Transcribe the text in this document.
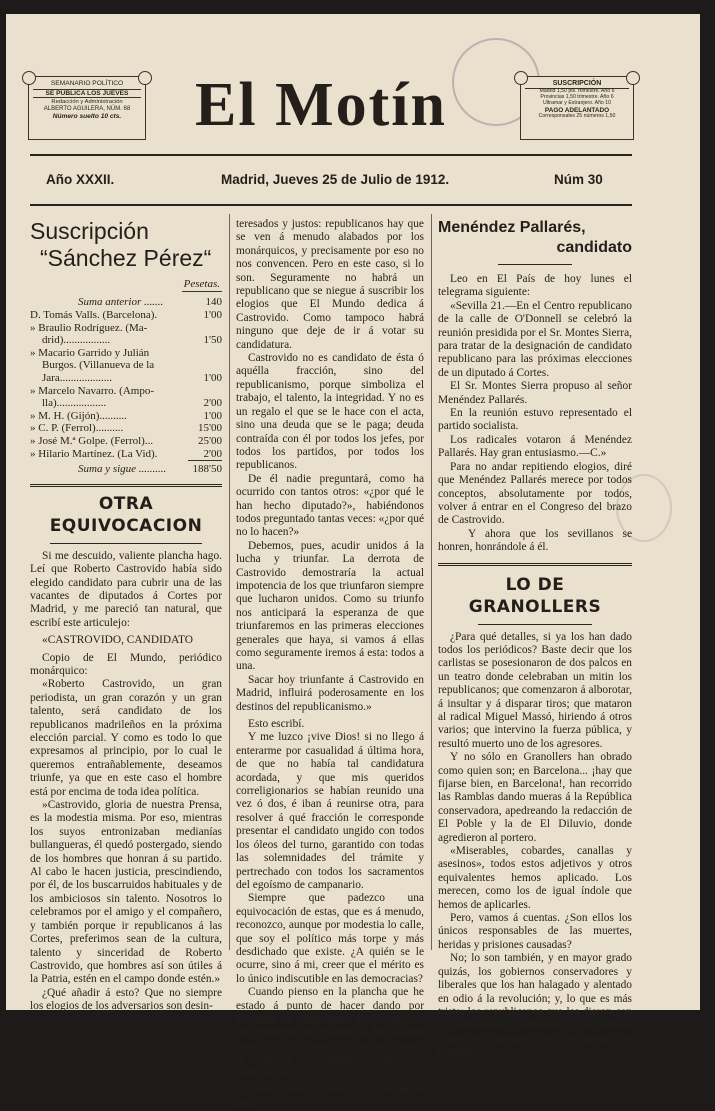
SEMANARIO POLÍTICO
SE PUBLICA LOS JUEVES
Redacción y Administración
ALBERTO AGUILERA, NÚM. 68
Número suelto 10 cts.	El Motín	SUSCRIPCIÓN
Madrid 1,50 pts. trimestre. Año 6
Provincias 1,50 trimestre. Año 6
Ultramar y Extranjero. Año 10
PAGO ADELANTADO
Corresponsales 25 números 1,50
Año XXXII.	Madrid, Jueves 25 de Julio de 1912.	Núm 30
Suscripción
“Sánchez Pérez“
Pesetas.
Suma anterior .......	140
D. Tomás Valls. (Barcelona).	1'00
» Braulio Rodríguez. (Ma-
drid).................	1'50
» Macario Garrido y Julián
Burgos. (Villanueva de la
Jara...................	1'00
» Marcelo Navarro. (Ampo-
lla)..................	2'00
» M. H. (Gijón)..........	1'00
» C. P. (Ferrol)..........	15'00
» José M.ª Golpe. (Ferrol)...	25'00
» Hilario Martínez. (La Vid).	2'00
Suma y sigue ..........	188'50
OTRA EQUIVOCACION

Si me descuido, valiente plancha hago. Leí que Roberto Castrovido había sido elegido candidato para cubrir una de las vacantes de diputados á Cortes por Madrid, y me pareció tan natural, que escribí este articulejo:

«CASTROVIDO, CANDIDATO

Copio de El Mundo, periódico monárquico:

«Roberto Castrovido, un gran periodista, un gran corazón y un gran talento, será candidato de los republicanos madrileños en la próxima elección parcial. Y como es todo lo que expresamos al principio, por lo cual le queremos entrañablemente, deseamos triunfe, ya que en este caso el hombre está por encima de toda idea política.

»Castrovido, gloria de nuestra Prensa, es la modestia misma. Por eso, mientras los suyos entronizaban medianías bullangueras, él quedó postergado, siendo de los hombres que honran á su partido. Al cabo le hacen justicia, prescindiendo, por él, de los buscarruidos habituales y de los ambiciosos sin talento. Nosotros lo celebramos por el amigo y el compañero, y también porque ir republicanos á las Cortes, preferimos sean de la cultura, talento y sinceridad de Roberto Castrovido, que hombres así son útiles á la Patria, estén en el campo donde estén.»

¿Qué añadir á esto? Que no siempre los elogios de los adversarios son desin-

teresados y justos: republicanos hay que se ven á menudo alabados por los monárquicos, y precisamente por eso no nos convencen. Pero en este caso, si lo son. Seguramente no habrá un republicano que se niegue á suscribir los elogios que El Mundo dedica á Castrovido. Como tampoco habrá ninguno que deje de ir á votar su candidatura.

Castrovido no es candidato de ésta ó aquélla fracción, sino del republicanismo, porque simboliza el trabajo, el talento, la integridad. Y no es un regalo el que se le hace con el acta, sino una deuda que se le paga; deuda contraída con él por todos los jefes, por todos los partidos, por todos los republicanos.

De él nadie preguntará, como ha ocurrido con tantos otros: «¿por qué le han hecho diputado?», habiéndonos todos preguntado tantas veces: «¿por qué no lo hacen?»

Debemos, pues, acudir unidos á la lucha y triunfar. La derrota de Castrovido demostraría la actual impotencia de los que triunfaron siempre que lucharon unidos. Como su triunfo nos anticipará la esperanza de que triunfaremos en las primeras elecciones generales que haya, si vamos á ellas como seguramente iremos á esta: todos a una.

Sacar hoy triunfante á Castrovido en Madrid, influirá poderosamente en los destinos del republicanismo.»

Esto escribí.

Y me luzco ¡vive Dios! si no llego á enterarme por casualidad á última hora, de que no había tal candidatura acordada, y que mis queridos correligionarios se habían reunido una vez ó dos, é iban á reunirse otra, para resolver á qué fracción le corresponde presentar el candidato ungido con todos los óleos del turno, garantido con todas las solemnidades del trámite y pertrechado con todos los sacramentos del egoísmo de campanario.

Siempre que padezco una equivocación de estas, que es á menudo, reconozco, aunque por modestia lo calle, que soy el político más torpe y más desdichado que existe. ¿A quién se le ocurre, sino á mi, creer que el mérito es lo único indiscutible en las democracias?

Cuando pienso en la plancha que he estado á punto de hacer dando por acordada la candidatura de Castrovido, me acometen los escalofríos del ridículo periodístico, y sepulto entre mis manos la cabeza, exclamando con voz entrecortada:

¡Pero, Señor, Señor!... ¡Qué necio soy!

Menéndez Pallarés,
candidato

Leo en El País de hoy lunes el telegrama siguiente:

«Sevilla 21.—En el Centro republicano de la calle de O'Donnell se celebró la reunión presidida por el Sr. Montes Sierra, para tratar de la designación de candidato republicano para las próximas elecciones de un diputado á Cortes.

El Sr. Montes Sierra propuso al señor Menéndez Pallarés.

En la reunión estuvo representado el partido socialista.

Los radicales votaron á Menéndez Pallarés. Hay gran entusiasmo.—C.»

Para no andar repitiendo elogios, diré que Menéndez Pallarés merece por todos conceptos, absolutamente por todos, volver á entrar en el Congreso del brazo de Castrovido.

Y ahora que los sevillanos se honren, honrándole á él.

LO DE GRANOLLERS

¿Para qué detalles, si ya los han dado todos los periódicos? Baste decir que los carlistas se posesionaron de dos palcos en un teatro donde celebraban un mitin los republicanos; que comenzaron á alborotar, á insultar y á disparar tiros; que mataron al radical Miguel Massó, hiriendo á otros varios; que intervino la fuerza pública, y resultó muerto uno de los agresores.

Y no sólo en Granollers han obrado como quien son; en Barcelona... ¡hay que fijarse bien, en Barcelona!, han recorrido las Ramblas dando mueras á la República conservadora, apedreando la redacción de El Poble y la de El Diluvio, donde agredieron al portero.

«Miserables, cobardes, canallas y asesinos», todos estos adjetivos y otros equivalentes hemos aplicado. Los merecen, como los de igual índole que hemos de aplicarles.

Pero, vamos á cuentas. ¿Son ellos los únicos responsables de las muertes, heridas y prisiones causadas?

No; lo son también, y en mayor grado quizás, los gobiernos conservadores y liberales que los han halagado y alentado en odio á la revolución; y, lo que es más triste; los republicanos que les dieron con la Solidaridad beligerancia de partido digno de alternar con los demás de España.
